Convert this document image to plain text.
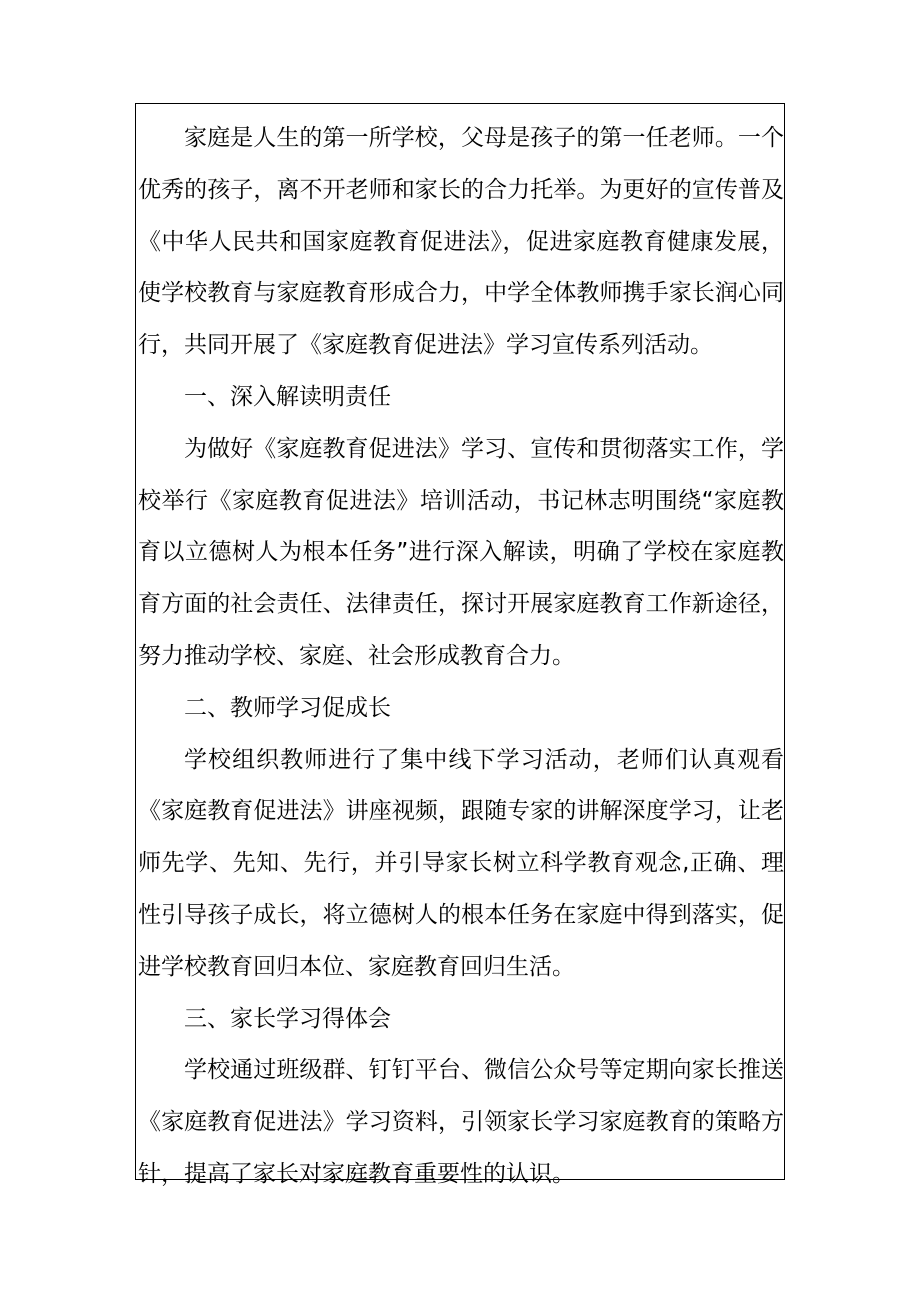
家庭是人生的第一所学校，父母是孩子的第一任老师。一个优秀的孩子，离不开老师和家长的合力托举。为更好的宣传普及《中华人民共和国家庭教育促进法》，促进家庭教育健康发展，使学校教育与家庭教育形成合力，中学全体教师携手家长润心同行，共同开展了《家庭教育促进法》学习宣传系列活动。

一、深入解读明责任

为做好《家庭教育促进法》学习、宣传和贯彻落实工作，学校举行《家庭教育促进法》培训活动，书记林志明围绕“家庭教育以立德树人为根本任务”进行深入解读，明确了学校在家庭教育方面的社会责任、法律责任，探讨开展家庭教育工作新途径，努力推动学校、家庭、社会形成教育合力。

二、教师学习促成长

学校组织教师进行了集中线下学习活动，老师们认真观看《家庭教育促进法》讲座视频，跟随专家的讲解深度学习，让老师先学、先知、先行，并引导家长树立科学教育观念,正确、理性引导孩子成长，将立德树人的根本任务在家庭中得到落实，促进学校教育回归本位、家庭教育回归生活。

三、家长学习得体会

学校通过班级群、钉钉平台、微信公众号等定期向家长推送《家庭教育促进法》学习资料，引领家长学习家庭教育的策略方针，提高了家长对家庭教育重要性的认识。
